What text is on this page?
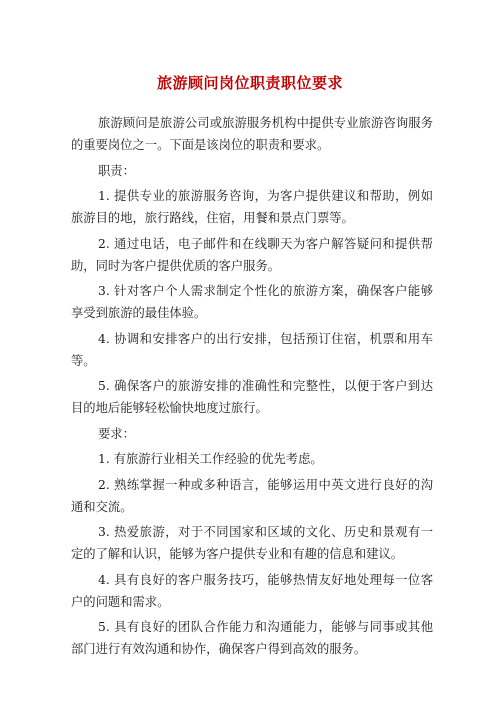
旅游顾问岗位职责职位要求

旅游顾问是旅游公司或旅游服务机构中提供专业旅游咨询服务的重要岗位之一。下面是该岗位的职责和要求。

职责：

1. 提供专业的旅游服务咨询，为客户提供建议和帮助，例如旅游目的地，旅行路线，住宿，用餐和景点门票等。

2. 通过电话，电子邮件和在线聊天为客户解答疑问和提供帮助，同时为客户提供优质的客户服务。

3. 针对客户个人需求制定个性化的旅游方案，确保客户能够享受到旅游的最佳体验。

4. 协调和安排客户的出行安排，包括预订住宿，机票和用车等。

5. 确保客户的旅游安排的准确性和完整性，以便于客户到达目的地后能够轻松愉快地度过旅行。

要求：

1. 有旅游行业相关工作经验的优先考虑。

2. 熟练掌握一种或多种语言，能够运用中英文进行良好的沟通和交流。

3. 热爱旅游，对于不同国家和区域的文化、历史和景观有一定的了解和认识，能够为客户提供专业和有趣的信息和建议。

4. 具有良好的客户服务技巧，能够热情友好地处理每一位客户的问题和需求。

5. 具有良好的团队合作能力和沟通能力，能够与同事或其他部门进行有效沟通和协作，确保客户得到高效的服务。
